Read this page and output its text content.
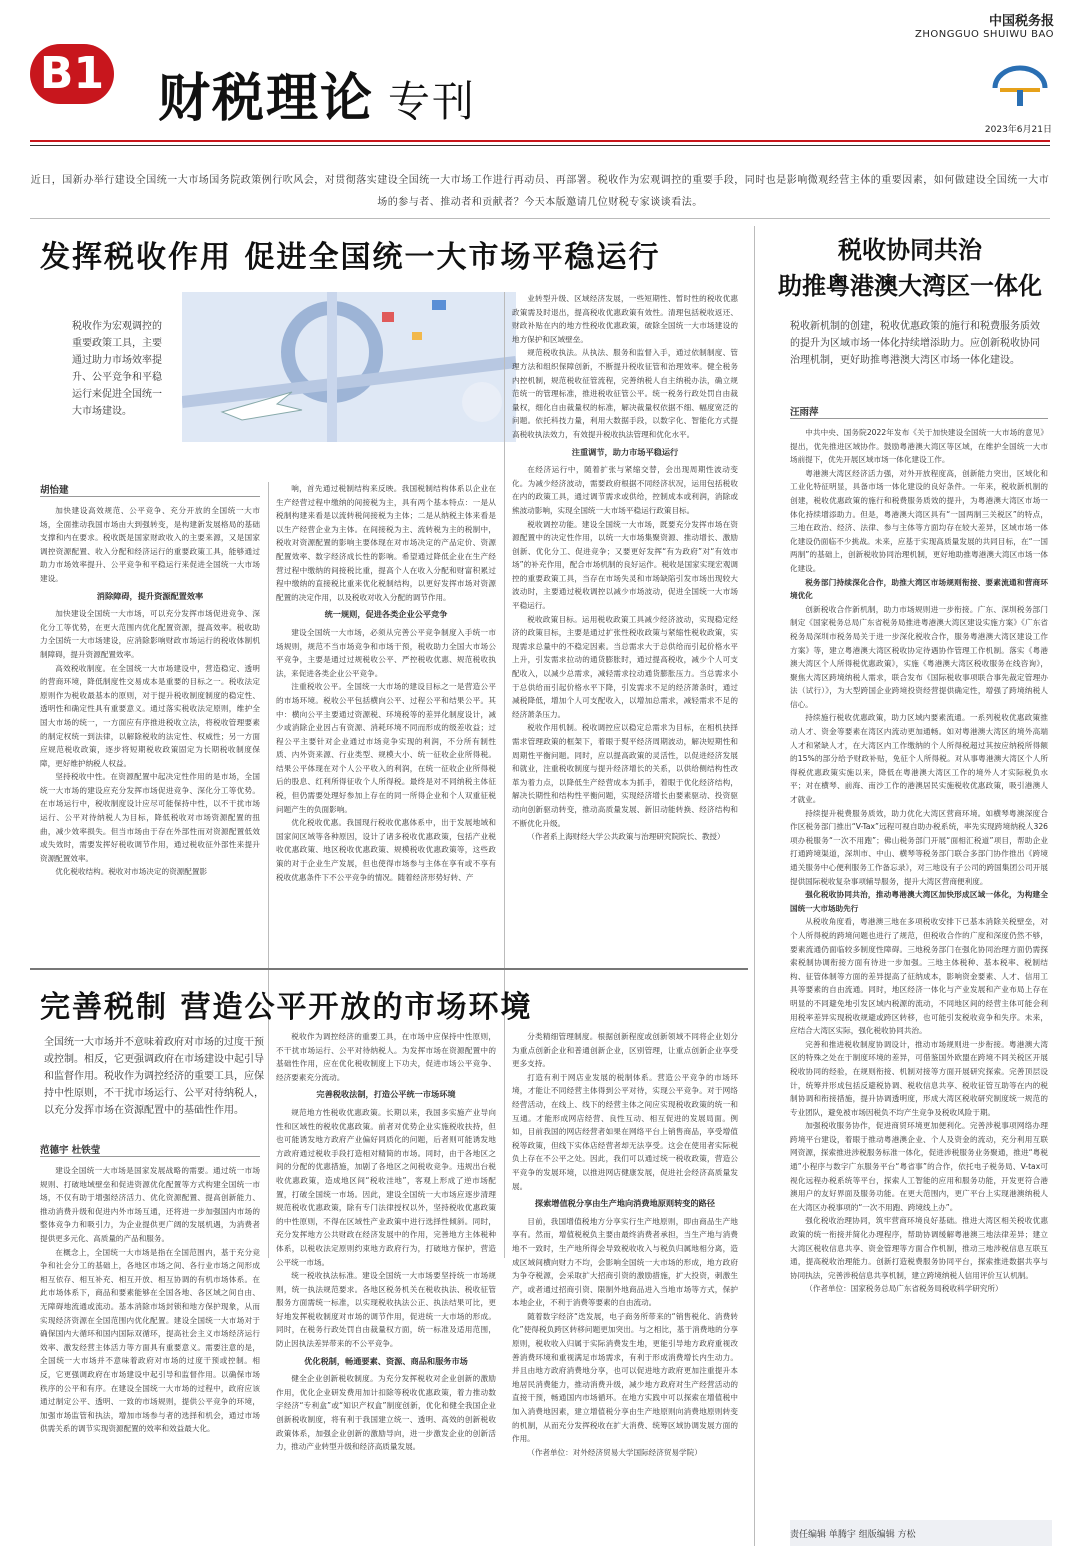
B1 财税理论 专刊
中国税务报
ZHONGGUO SHUIWU BAO
2023年6月21日
近日，国新办举行建设全国统一大市场国务院政策例行吹风会，对贯彻落实建设全国统一大市场工作进行再动员、再部署。税收作为宏观调控的重要手段，同时也是影响微观经营主体的重要因素，如何做建设全国统一大市场的参与者、推动者和贡献者？今天本版邀请几位财税专家谈谈看法。
发挥税收作用 促进全国统一大市场平稳运行
税收作为宏观调控的重要政策工具，主要通过助力市场效率提升、公平竞争和平稳运行来促进全国统一大市场建设。
胡怡建

加快建设高效规范、公平竞争、充分开放的全国统一大市场，全面推动我国市场由大到强转变，是构建新发展格局的基础支撑和内在要求。税收既是国家财政收入的主要来源，又是国家调控资源配置、收入分配和经济运行的重要政策工具，能够通过助力市场效率提升、公平竞争和平稳运行来促进全国统一大市场建设。

消除障碍，提升资源配置效率

加快建设全国统一大市场，可以充分发挥市场促进竞争、深化分工等优势，在更大范围内优化配置资源，提高效率。税收助力全国统一大市场建设，应消除影响财政市场运行的税收体制机制障碍，提升资源配置效率。

高效税收制度。在全国统一大市场建设中，营造稳定、透明的营商环境，降低制度性交易成本是重要的目标之一。税收法定原则作为税收最基本的原则，对于提升税收制度制度的稳定性、透明性和确定性具有重要意义。通过落实税收法定原则，维护全国大市场的统一，一方面应有序推进税收立法，将税收管理要素的制定权统一到法律，以解除税收的法定性、权威性；另一方面应规范税收政策，逐步将短期税收政策固定为长期税收制度保障，更好维护纳税人权益。

坚持税收中性。在资源配置中起决定性作用的是市场，全国统一大市场的建设应充分发挥市场促进竞争、深化分工等优势。在市场运行中，税收制度设计应尽可能保持中性，以不干扰市场运行、公平对待纳税人为目标，降低税收对市场资源配置的扭曲，减少效率损失。但当市场由于存在外部性而对资源配置低效或失效时，需要发挥好税收调节作用，通过税收征外部性来提升资源配置效率。

优化税收结构。税收对市场决定的资源配置影

响，首先通过税制结构来反映。我国税制结构体系以企业在生产经营过程中缴纳的间接税为主，具有两个基本特点：一是从税制构建来看是以流转税间接税为主体；二是从纳税主体来看是以生产经营企业为主体。在间接税为主、流转税为主的税制中，税收对资源配置的影响主要体现在对市场决定的产品定价、资源配置效率、数字经济成长性的影响。希望通过降低企业在生产经营过程中缴纳的间接税比重，提高个人在收入分配和财富积累过程中缴纳的直接税比重来优化税制结构，以更好发挥市场对资源配置的决定作用，以及税收对收入分配的调节作用。

统一规则，促进各类企业公平竞争

建设全国统一大市场，必须从完善公平竞争制度入手统一市场规则，规范不当市场竞争和市场干预，税收助力全国大市场公平竞争，主要是通过过规税收公平、严控税收优惠、规范税收执法，来促进各类企业公平竞争。

注重税收公平。全国统一大市场的建设目标之一是营造公平的市场环境。税收公平包括横向公平、过程公平和结果公平。其中：横向公平主要通过资源税、环境税等的差异化制度设计，减少或消除企业因占有资源、消耗环境不同而形成的级差收益；过程公平主要针对企业通过市场竞争实现的利润，不分所有制性质、内外资来源、行业类型、规模大小、统一征收企业所得税。结果公平体现在对个人公平收入的利润，在统一征收企业所得税后的股息、红利所得征收个人所得税。最终是对不同纳税主体征税，但仍需要处理好参加上存在的同一所得企业和个人双重征税问题产生的负面影响。

优化税收优惠。我国现行税收优惠体系中，出于发展地域和国家间区域等各种原因，设计了诸多税收优惠政策，包括产业税收优惠政策、地区税收优惠政策、规模税收优惠政策等，这些政策的对于企业生产发展，但也使得市场参与主体在享有或不享有税收优惠条件下不公平竞争的情况。随着经济形势好转、产

业转型升级、区域经济发展，一些短期性、暂时性的税收优惠政策需及时退出，提高税收优惠政策有效性。清理包括税收返还、财政补贴在内的地方性税收优惠政策，破除全国统一大市场建设的地方保护和区域壁垒。

规范税收执法。从执法、服务和监督入手，通过依制制度、管理方法和组织保障创新，不断提升税收征管和治理效率。健全税务内控机制，规范税收征管流程，完善纳税人自主纳税办法，确立规范统一的管理标准，推进税收征管公平。统一税务行政处罚自由裁量权，细化自由裁量权的标准，解决裁量权依据不细、幅度宽泛的问题。依托科技力量，利用大数据手段，以数字化、智能化方式提高税收执法效力，有效提升税收执法管理和优化水平。

注重调节，助力市场平稳运行

在经济运行中，随着扩张与紧缩交替，会出现周期性波动变化。为减少经济波动，需要政府根据不同经济状况，运用包括税收在内的政策工具，通过调节需求或供给，控制成本或利润，消除或熊波动影响，实现全国统一大市场平稳运行政策目标。

税收调控功能。建设全国统一大市场，既要充分发挥市场在资源配置中的决定性作用，以统一大市场集聚资源、推动增长、激励创新、优化分工、促进竞争；又要更好发挥“有为政府”对“有效市场”的补充作用，配合市场机制的良好运作。税收是国家实现宏观调控的重要政策工具，当存在市场失灵和市场缺陷引发市场出现较大波动时，主要通过税收调控以减少市场波动，促进全国统一大市场平稳运行。

税收政策目标。运用税收政策工具减少经济波动，实现稳定经济的政策目标，主要是通过扩张性税收政策与紧缩性税收政策，实现需求总量中的不稳定因素。当总需求大于总供给而引起价格水平上升，引发需求拉动的通货膨胀时，通过提高税收，减少个人可支配收入，以减少总需求，减轻需求拉动通货膨胀压力。当总需求小于总供给而引起价格水平下降，引发需求不足的经济萧条时，通过减税降低，增加个人可支配收入，以增加总需求，减轻需求不足的经济萧条压力。

税收作用机制。税收调控应以稳定总需求为目标，在相机抉择需求管理政策的框架下，着眼于熨平经济周期波动，解决短期性和周期性平衡问题。同时，应以提高政策的灵活性，以促进经济发展和就业，注重税收制度与提升经济增长的关系，以供给侧结构性改革为着力点，以降低生产经营成本为抓手，着眼于优化经济结构，解决长期性和结构性平衡问题，实现经济增长由要素驱动、投资驱动向创新驱动转变，推动高质量发展、新旧动能转换、经济结构和不断优化升级。

（作者系上海财经大学公共政策与治理研究院院长、教授）

完善税制 营造公平开放的市场环境
全国统一大市场并不意味着政府对市场的过度干预或控制。相反，它更强调政府在市场建设中起引导和监督作用。税收作为调控经济的重要工具，应保持中性原则，不干扰市场运行、公平对待纳税人，以充分发挥市场在资源配置中的基础性作用。
范德宇 杜铁莹

建设全国统一大市场是国家发展战略的需要。通过统一市场规则、打破地域壁垒和促进资源优化配置等方式构建全国统一市场，不仅有助于增强经济活力、优化资源配置、提高创新能力、推动消费升级和促进内外市场互通，还将进一步加强国内市场的整体竞争力和吸引力，为企业提供更广阔的发展机遇，为消费者提供更多元化、高质量的产品和服务。

在概念上，全国统一大市场是指在全国范围内，基于充分竞争和社会分工的基础上，各地区市场之间、各行业市场之间形成相互依存、相互补充、相互开放、相互协调的有机市场体系。在此市场体系下，商品和要素能够在全国各地、各区域之间自由、无障碍地流通或流动。基本消除市场封锁和地方保护现象，从而实现经济资源在全国范围内优化配置。建设全国统一大市场对于确保国内大循环和国内国际双循环，提高社会主义市场经济运行效率、激发经营主体活力等方面具有重要意义。需要注意的是，全国统一大市场并不意味着政府对市场的过度干预或控制。相反，它更强调政府在市场建设中起引导和监督作用。以确保市场秩序的公平和有序。在建设全国统一大市场的过程中，政府应该通过制定公平、透明、一致的市场规则，提供公平竞争的环境，加强市场监管和执法，增加市场参与者的选择和机会，通过市场供需关系的调节实现资源配置的效率和效益最大化。

税收作为调控经济的重要工具，在市场中应保持中性原则，不干扰市场运行、公平对待纳税人。为发挥市场在资源配置中的基础性作用，应在优化税收制度上下功夫，促进市场公平竞争、经济要素充分流动。

完善税收法制，打造公平统一市场环境

规范地方性税收优惠政策。长期以来，我国多实施产业导向性和区域性的税收优惠政策。前者对优势企业实施税收扶持，但也可能诱发地方政府产业偏好同质化的问题，后者则可能诱发地方政府通过税收手段打造相对精简的市场。同时，由于各地区之间的分配的优惠措施，加剧了各地区之间税收竞争。违规出台税收优惠政策，造成地区间“税收洼地”，客观上形成了逆市场配置，打破全国统一市场。因此，建设全国统一大市场应逐步清理规范税收优惠政策，除有专门法律授权以外，坚持税收优惠政策的中性原则，不得在区域性产业政策中进行选择性倾斜。同时，充分发挥地方公共财政在经济发展中的作用，完善地方主体税种体系，以税收法定原则约束地方政府行为，打破地方保护，营造公平统一市场。

统一税收执法标准。建设全国统一大市场要坚持统一市场规则，统一执法规范要求。各地区税务机关在税收执法、税收征管服务方面需统一标准，以实现税收执法公正、执法结果可比，更好地发挥税收制度对市场的调节作用，促进统一大市场的形成。同时，在税务行政处罚自由裁量权方面，统一标准及适用范围，防止因执法差异带来的不公平竞争。

优化税制，畅通要素、资源、商品和服务市场

健全企业创新税收制度。为充分发挥税收对企业创新的激励作用，优化企业研发费用加计扣除等税收优惠政策，着力推动数字经济“专利盒”或“知识产权盒”制度创新，优化和健全我国企业创新税收制度，将有利于我国建立统一、透明、高效的创新税收政策体系，加强企业创新的激励导向，进一步激发企业的创新活力，推动产业转型升级和经济高质量发展。

分类精细管理制度。根据创新程度或创新领域不同将企业划分为重点创新企业和普通创新企业，区别管理，让重点创新企业享受更多支持。

打造有利于网店业发展的税制体系。营造公平竞争的市场环境，才能让不同经营主体得到公平对待，实现公平竞争。对于网络经营活动，在线上、线下的经营主体之间应实现税收政策的统一和互通。才能形成网店经营、良性互动、相互促进的发展局面。例如，目前我国的网店经营者如果在网络平台上销售商品，享受增值税等政策，但线下实体店经营者却无法享受。这会在使用者实际税负上存在不公平之处。因此，我们可以通过统一税收政策，营造公平竞争的发展环境，以推进网店健康发展，促进社会经济高质量发展。

探索增值税分享由生产地向消费地原则转变的路径

目前，我国增值税地方分享实行生产地原则，即由商品生产地享有。然而，增值税税负主要由最终消费者承担，当生产地与消费地不一致时，生产地所得会导致税收收入与税负归属地相分离，造成区域间横向财力不均，会影响全国统一大市场的形成，地方政府为争夺税源，会采取扩大招商引资的激励措施，扩大投资，刺激生产，或者通过招商引资、限制外地商品进入当地市场等方式，保护本地企业，不利于消费等要素的自由流动。

随着数字经济“迭发展，电子商务所带来的“销售税化、消费转化”使得税负跨区转移问题更加突出。与之相比，基于消费地的分享原则，税收收入归属于实际消费发生地，更能引导地方政府重视改善消费环境和重视满足市场需求，有利于形成消费增长内生动力。并且由地方政府消费地分享，也可以促进地方政府更加注重提升本地居民消费能力，推动消费升级，减少地方政府对生产经营活动的直接干预，畅通国内市场循环。在地方实践中可以探索在增值税中加入消费地因素，建立增值税分享由生产地原则向消费地原则转变的机制，从而充分发挥税收在扩大消费、统筹区域协调发展方面的作用。

（作者单位：对外经济贸易大学国际经济贸易学院）

税收协同共治
助推粤港澳大湾区一体化
税收新机制的创建，税收优惠政策的施行和税费服务质效的提升为区域市场一体化持续增添助力。应创新税收协同治理机制，更好助推粤港澳大湾区市场一体化建设。
汪雨萍

中共中央、国务院2022年发布《关于加快建设全国统一大市场的意见》提出，优先推进区域协作。鼓励粤港澳大湾区等区域，在维护全国统一大市场前提下，优先开展区域市场一体化建设工作。

粤港澳大湾区经济活力强，对外开放程度高，创新能力突出，区域化和工业化特征明显，具备市场一体化建设的良好条件。一年来，税收新机制的创建，税收优惠政策的施行和税费服务质效的提升，为粤港澳大湾区市场一体化持续增添助力。但是，粤港澳大湾区具有“一国两制三关税区”的特点，三地在政治、经济、法律、参与主体等方面均存在较大差异，区域市场一体化建设仍面临不少挑战。未来，应基于实现高质量发展的共同目标，在“一国两制”的基础上，创新税收协同治理机制，更好地助推粤港澳大湾区市场一体化建设。

税务部门持续深化合作，助推大湾区市场规则衔接、要素流通和营商环境优化

创新税收合作新机制，助力市场规则进一步衔接。广东、深圳税务部门制定《国家税务总局广东省税务局推进粤港澳大湾区建设实施方案》《广东省税务局深圳市税务局关于进一步深化税收合作，服务粤港澳大湾区建设工作方案》等，建立粤港澳大湾区税收协定待遇协作管理工作机制。落实《粤港澳大湾区个人所得税优惠政策》，实施《粤港澳大湾区税收服务在线咨询》，聚焦大湾区跨境纳税人需求，联合发布《国际税收事项联合事先裁定管理办法（试行）》，为大型跨国企业跨境投资经营提供确定性，增强了跨境纳税人信心。

持续施行税收优惠政策，助力区域内要素流通。一系列税收优惠政策推动人才、资金等要素在湾区内流动更加通畅。如对粤港澳大湾区的境外高端人才和紧缺人才，在大湾区内工作缴纳的个人所得税超过其按应纳税所得额的15%的部分给予财政补贴，免征个人所得税。对从事粤港澳大湾区个人所得税优惠政策实施以来，降低在粤港澳大湾区工作的境外人才实际税负水平；对在横琴、前海、南沙工作的港澳居民实施税收优惠政策，吸引港澳人才就业。

持续提升税费服务质效，助力优化大湾区营商环境。如横琴粤澳深度合作区税务部门推出“V-Tax”远程可视自助办税系统，率先实现跨境纳税人326项办税服务“一次不用跑”；佛山税务部门开展“面相汇税道”项目，帮助企业打通跨境渠道，深圳市、中山、横琴等税务部门联合多部门协作推出《跨境通关服务中心便利服务工作备忘录》，对三地设有子公司的跨国集团公司开展提供国际税收复杂事项辅导服务，提升大湾区营商便利度。

强化税收协同共治，推动粤港澳大湾区加快形成区域一体化，为构建全国统一大市场助先行

从税收角度看，粤港澳三地在多项税收安排下已基本消除关税壁垒，对个人所得税的跨境问题也进行了规范，但税收合作的广度和深度仍然不够，要素流通仍面临较多制度性障碍。三地税务部门在强化协同治理方面仍需探索税制协调衔接方面有待进一步加强。三地主体税种、基本税率、税制结构、征管体制等方面的差异提高了征纳成本，影响资金要素、人才、信用工具等要素的自由流通。同时，地区经济一体化与产业发展和产业布局上存在明显的不同避免地引发区域内税源的流动，不同地区间的经营主体可能会利用税率差异实现税收规避或跨区转移，也可能引发税收竞争和失序。未来，应结合大湾区实际，强化税收协同共治。

完善和推进税收制度协调设计，推动市场规则进一步衔接。粤港澳大湾区的特殊之处在于制度环境的差异，可借鉴国外欧盟在跨境不同关税区开展税收协同的经验，在规则衔接、机制对接等方面开展研究探索。完善顶层设计，统筹并形成包括反避税协调、税收信息共享、税收征管互助等在内的税制协调和衔接措施，提升协调透明度，形成大湾区税收研究制度统一规范的专业团队，避免被市场因税负不均产生竞争及税收风险于期。

加强税收服务协作，促进商贸环境更加便利化。完善涉税事项网络办理跨境平台建设，着眼于推动粤港澳企业、个人及资金的流动，充分利用互联网资源，探索推进涉税服务标准一体化，促进涉税服务业务聚通，推进“粤税通”小程序与数字广东服务平台“粤省事”的合作，依托电子税务局、V-tax可视化远程办税系统等平台，探索人工智能的应用和服务功能，开发更符合港澳用户的友好界面及服务功能。在更大范围内，更广平台上实现港澳纳税人在大湾区办税事项的“一次不用跑、跨境线上办”。

强化税收治理协同，筑牢营商环境良好基础。推进大湾区相关税收优惠政策的统一衔接并简化办理程序，帮助协调缓解粤港澳三地法律差异；建立大湾区税收信息共享、资金管理等方面合作机制，推动三地涉税信息互联互通，提高税收治理能力。创新打造税费服务协同平台，探索推进数据共享与协同执法，完善涉税信息共享机制，建立跨境纳税人信用评价互认机制。

（作者单位：国家税务总局广东省税务局税收科学研究所）

责任编辑 单腾宇 组版编辑 方松
